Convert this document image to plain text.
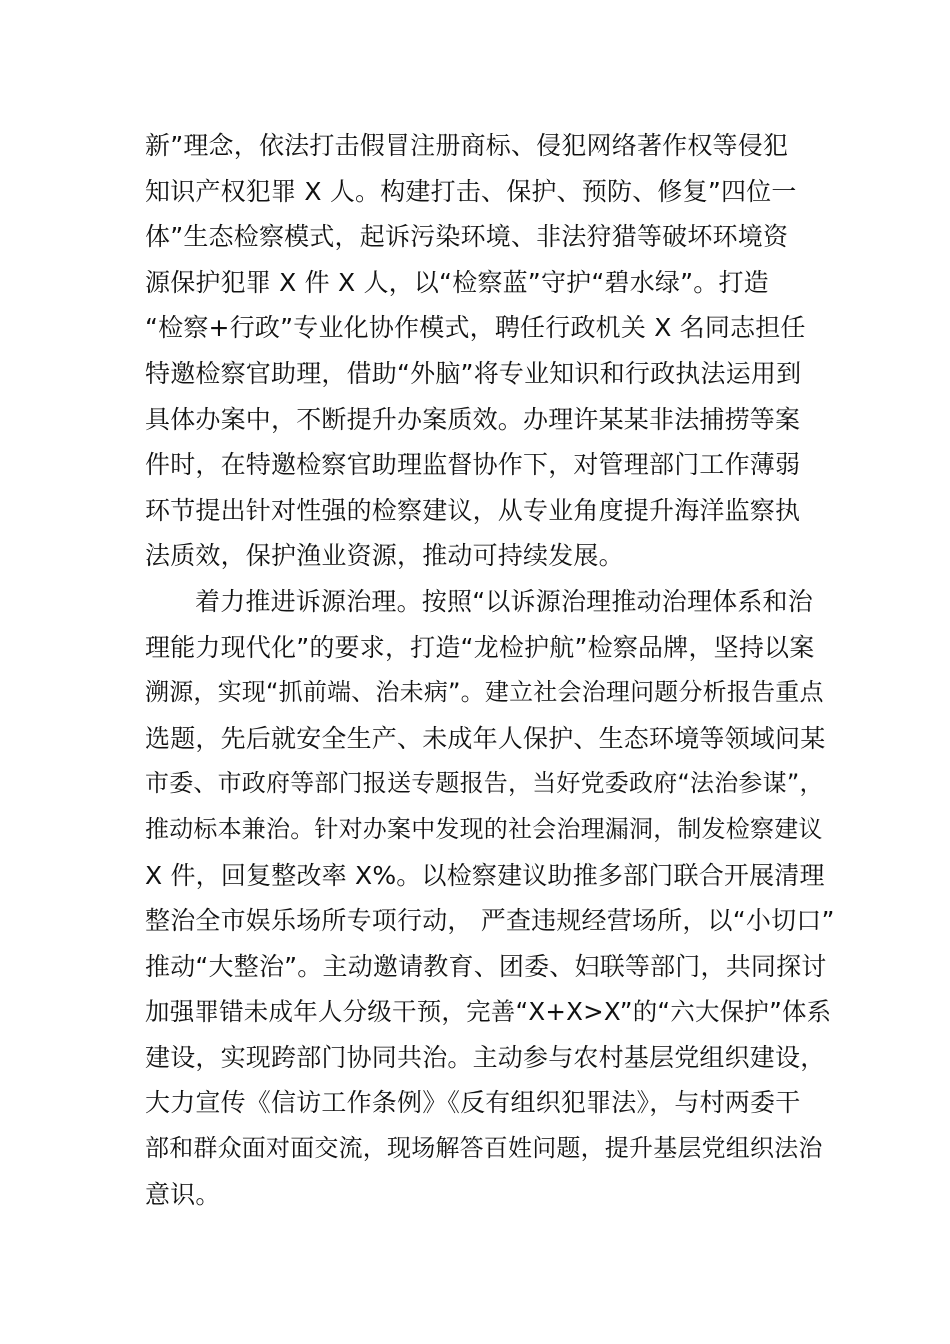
新”理念，依法打击假冒注册商标、侵犯网络著作权等侵犯
知识产权犯罪 X 人。构建打击、保护、预防、修复”四位一
体”生态检察模式，起诉污染环境、非法狩猎等破坏环境资
源保护犯罪 X 件 X 人，以“检察蓝”守护“碧水绿”。打造
“检察+行政”专业化协作模式，聘任行政机关 X 名同志担任
特邀检察官助理，借助“外脑”将专业知识和行政执法运用到
具体办案中，不断提升办案质效。办理许某某非法捕捞等案
件时，在特邀检察官助理监督协作下，对管理部门工作薄弱
环节提出针对性强的检察建议，从专业角度提升海洋监察执
法质效，保护渔业资源，推动可持续发展。
着力推进诉源治理。按照“以诉源治理推动治理体系和治
理能力现代化”的要求，打造“龙检护航”检察品牌，坚持以案
溯源，实现“抓前端、治未病”。建立社会治理问题分析报告重点
选题，先后就安全生产、未成年人保护、生态环境等领域问某
市委、市政府等部门报送专题报告，当好党委政府“法治参谋”，
推动标本兼治。针对办案中发现的社会治理漏洞，制发检察建议
X 件，回复整改率 X%。以检察建议助推多部门联合开展清理
整治全市娱乐场所专项行动， 严查违规经营场所，以“小切口”
推动“大整治”。主动邀请教育、团委、妇联等部门，共同探讨
加强罪错未成年人分级干预，完善“X+X>X”的“六大保护”体系
建设，实现跨部门协同共治。主动参与农村基层党组织建设，
大力宣传《信访工作条例》《反有组织犯罪法》，与村两委干
部和群众面对面交流，现场解答百姓问题，提升基层党组织法治
意识。
